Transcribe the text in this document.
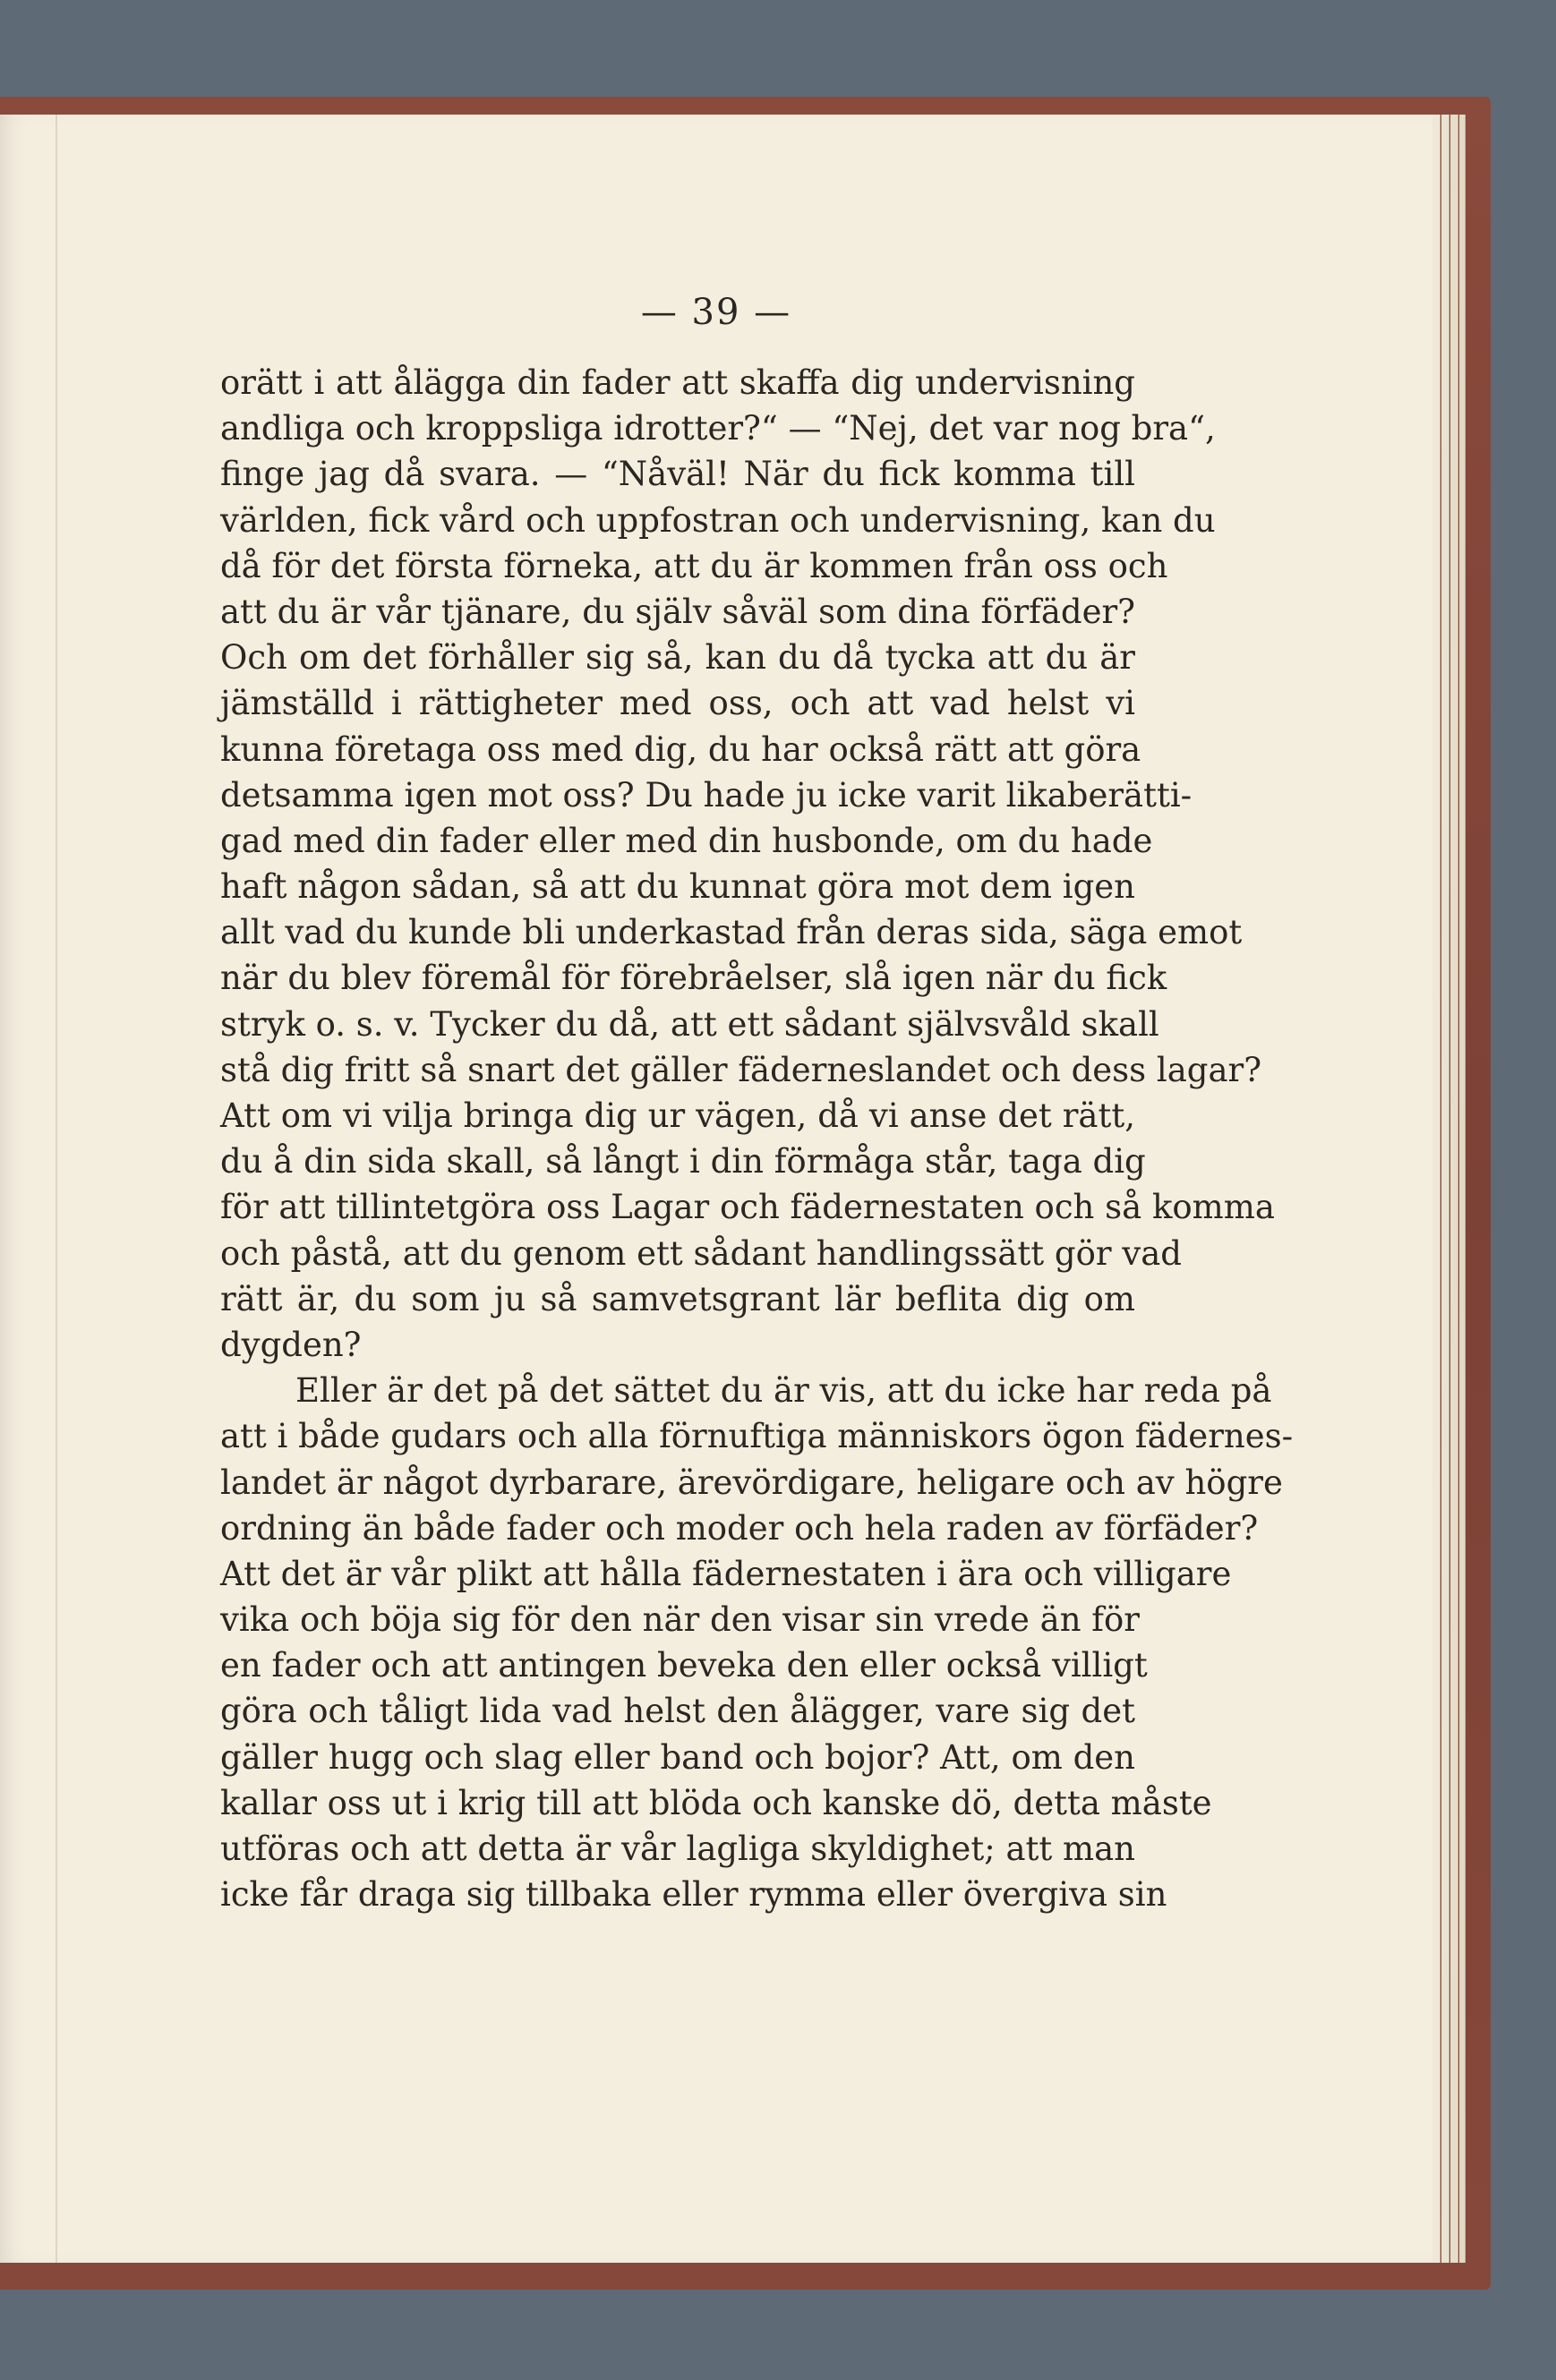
— 39 —
orätt i att ålägga din fader att skaffa dig undervisning
andliga och kroppsliga idrotter?“ — “Nej, det var nog bra“,
finge jag då svara. — “Nåväl! När du fick komma till
världen, fick vård och uppfostran och undervisning, kan du
då för det första förneka, att du är kommen från oss och
att du är vår tjänare, du själv såväl som dina förfäder?
Och om det förhåller sig så, kan du då tycka att du är
jämställd i rättigheter med oss, och att vad helst vi
kunna företaga oss med dig, du har också rätt att göra
detsamma igen mot oss? Du hade ju icke varit likaberätti-
gad med din fader eller med din husbonde, om du hade
haft någon sådan, så att du kunnat göra mot dem igen
allt vad du kunde bli underkastad från deras sida, säga emot
när du blev föremål för förebråelser, slå igen när du fick
stryk o. s. v. Tycker du då, att ett sådant självsvåld skall
stå dig fritt så snart det gäller fäderneslandet och dess lagar?
Att om vi vilja bringa dig ur vägen, då vi anse det rätt,
du å din sida skall, så långt i din förmåga står, taga dig
för att tillintetgöra oss Lagar och fädernestaten och så komma
och påstå, att du genom ett sådant handlingssätt gör vad
rätt är, du som ju så samvetsgrant lär beflita dig om
dygden?
Eller är det på det sättet du är vis, att du icke har reda på
att i både gudars och alla förnuftiga människors ögon fädernes-
landet är något dyrbarare, ärevördigare, heligare och av högre
ordning än både fader och moder och hela raden av förfäder?
Att det är vår plikt att hålla fädernestaten i ära och villigare
vika och böja sig för den när den visar sin vrede än för
en fader och att antingen beveka den eller också villigt
göra och tåligt lida vad helst den ålägger, vare sig det
gäller hugg och slag eller band och bojor? Att, om den
kallar oss ut i krig till att blöda och kanske dö, detta måste
utföras och att detta är vår lagliga skyldighet; att man
icke får draga sig tillbaka eller rymma eller övergiva sin
